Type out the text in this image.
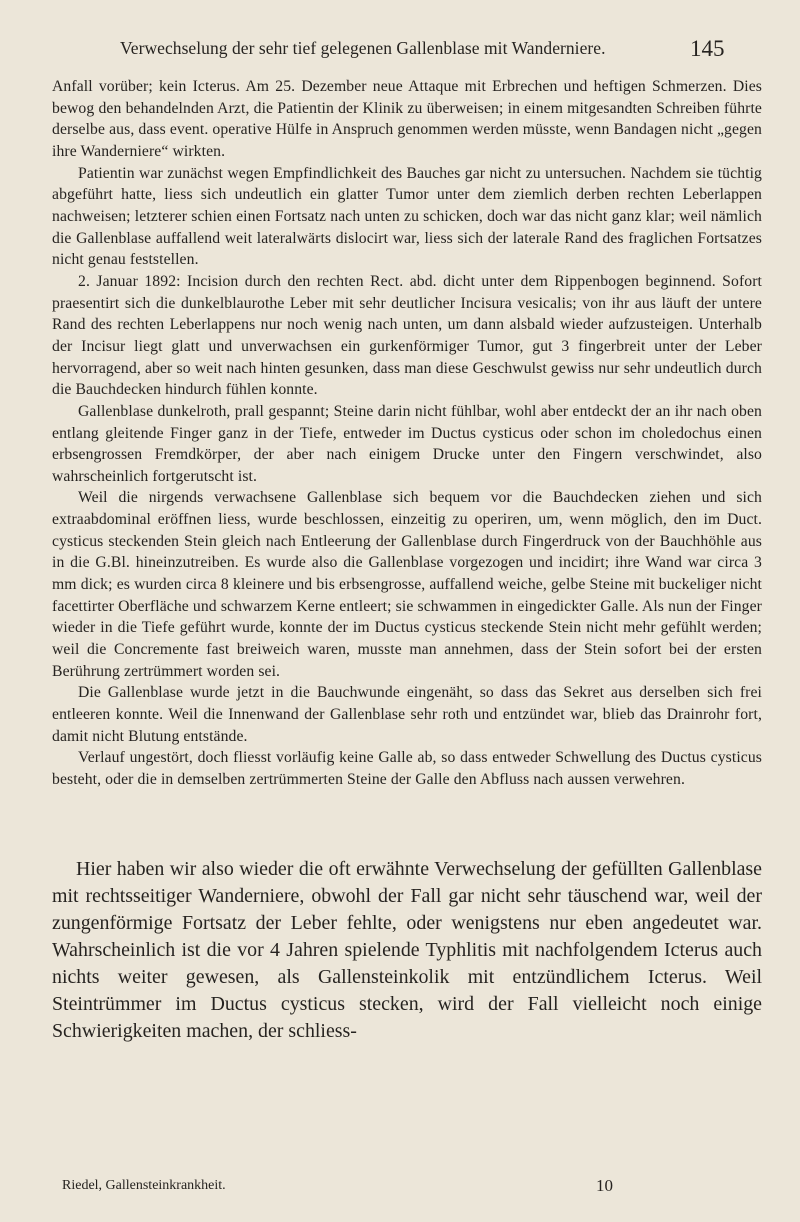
Verwechselung der sehr tief gelegenen Gallenblase mit Wanderniere.	145

Anfall vorüber; kein Icterus. Am 25. Dezember neue Attaque mit Erbrechen und heftigen Schmerzen. Dies bewog den behandelnden Arzt, die Patientin der Klinik zu überweisen; in einem mitgesandten Schreiben führte derselbe aus, dass event. operative Hülfe in Anspruch genommen werden müsste, wenn Bandagen nicht „gegen ihre Wanderniere“ wirkten.

Patientin war zunächst wegen Empfindlichkeit des Bauches gar nicht zu untersuchen. Nachdem sie tüchtig abgeführt hatte, liess sich undeutlich ein glatter Tumor unter dem ziemlich derben rechten Leberlappen nachweisen; letzterer schien einen Fortsatz nach unten zu schicken, doch war das nicht ganz klar; weil nämlich die Gallenblase auffallend weit lateralwärts dislocirt war, liess sich der laterale Rand des fraglichen Fortsatzes nicht genau feststellen.

2. Januar 1892: Incision durch den rechten Rect. abd. dicht unter dem Rippenbogen beginnend. Sofort praesentirt sich die dunkelblaurothe Leber mit sehr deutlicher Incisura vesicalis; von ihr aus läuft der untere Rand des rechten Leberlappens nur noch wenig nach unten, um dann alsbald wieder aufzusteigen. Unterhalb der Incisur liegt glatt und unverwachsen ein gurkenförmiger Tumor, gut 3 fingerbreit unter der Leber hervorragend, aber so weit nach hinten gesunken, dass man diese Geschwulst gewiss nur sehr undeutlich durch die Bauchdecken hindurch fühlen konnte.

Gallenblase dunkelroth, prall gespannt; Steine darin nicht fühlbar, wohl aber entdeckt der an ihr nach oben entlang gleitende Finger ganz in der Tiefe, entweder im Ductus cysticus oder schon im choledochus einen erbsengrossen Fremdkörper, der aber nach einigem Drucke unter den Fingern verschwindet, also wahrscheinlich fortgerutscht ist.

Weil die nirgends verwachsene Gallenblase sich bequem vor die Bauchdecken ziehen und sich extraabdominal eröffnen liess, wurde beschlossen, einzeitig zu operiren, um, wenn möglich, den im Duct. cysticus steckenden Stein gleich nach Entleerung der Gallenblase durch Fingerdruck von der Bauchhöhle aus in die G.Bl. hineinzutreiben. Es wurde also die Gallenblase vorgezogen und incidirt; ihre Wand war circa 3 mm dick; es wurden circa 8 kleinere und bis erbsengrosse, auffallend weiche, gelbe Steine mit buckeliger nicht facettirter Oberfläche und schwarzem Kerne entleert; sie schwammen in eingedickter Galle. Als nun der Finger wieder in die Tiefe geführt wurde, konnte der im Ductus cysticus steckende Stein nicht mehr gefühlt werden; weil die Concremente fast breiweich waren, musste man annehmen, dass der Stein sofort bei der ersten Berührung zertrümmert worden sei.

Die Gallenblase wurde jetzt in die Bauchwunde eingenäht, so dass das Sekret aus derselben sich frei entleeren konnte. Weil die Innenwand der Gallenblase sehr roth und entzündet war, blieb das Drainrohr fort, damit nicht Blutung entstände.

Verlauf ungestört, doch fliesst vorläufig keine Galle ab, so dass entweder Schwellung des Ductus cysticus besteht, oder die in demselben zertrümmerten Steine der Galle den Abfluss nach aussen verwehren.

Hier haben wir also wieder die oft erwähnte Verwechselung der gefüllten Gallenblase mit rechtsseitiger Wanderniere, obwohl der Fall gar nicht sehr täuschend war, weil der zungenförmige Fortsatz der Leber fehlte, oder wenigstens nur eben angedeutet war. Wahrscheinlich ist die vor 4 Jahren spielende Typhlitis mit nachfolgendem Icterus auch nichts weiter gewesen, als Gallensteinkolik mit entzündlichem Icterus. Weil Steintrümmer im Ductus cysticus stecken, wird der Fall vielleicht noch einige Schwierigkeiten machen, der schliess-

Riedel, Gallensteinkrankheit.	10
